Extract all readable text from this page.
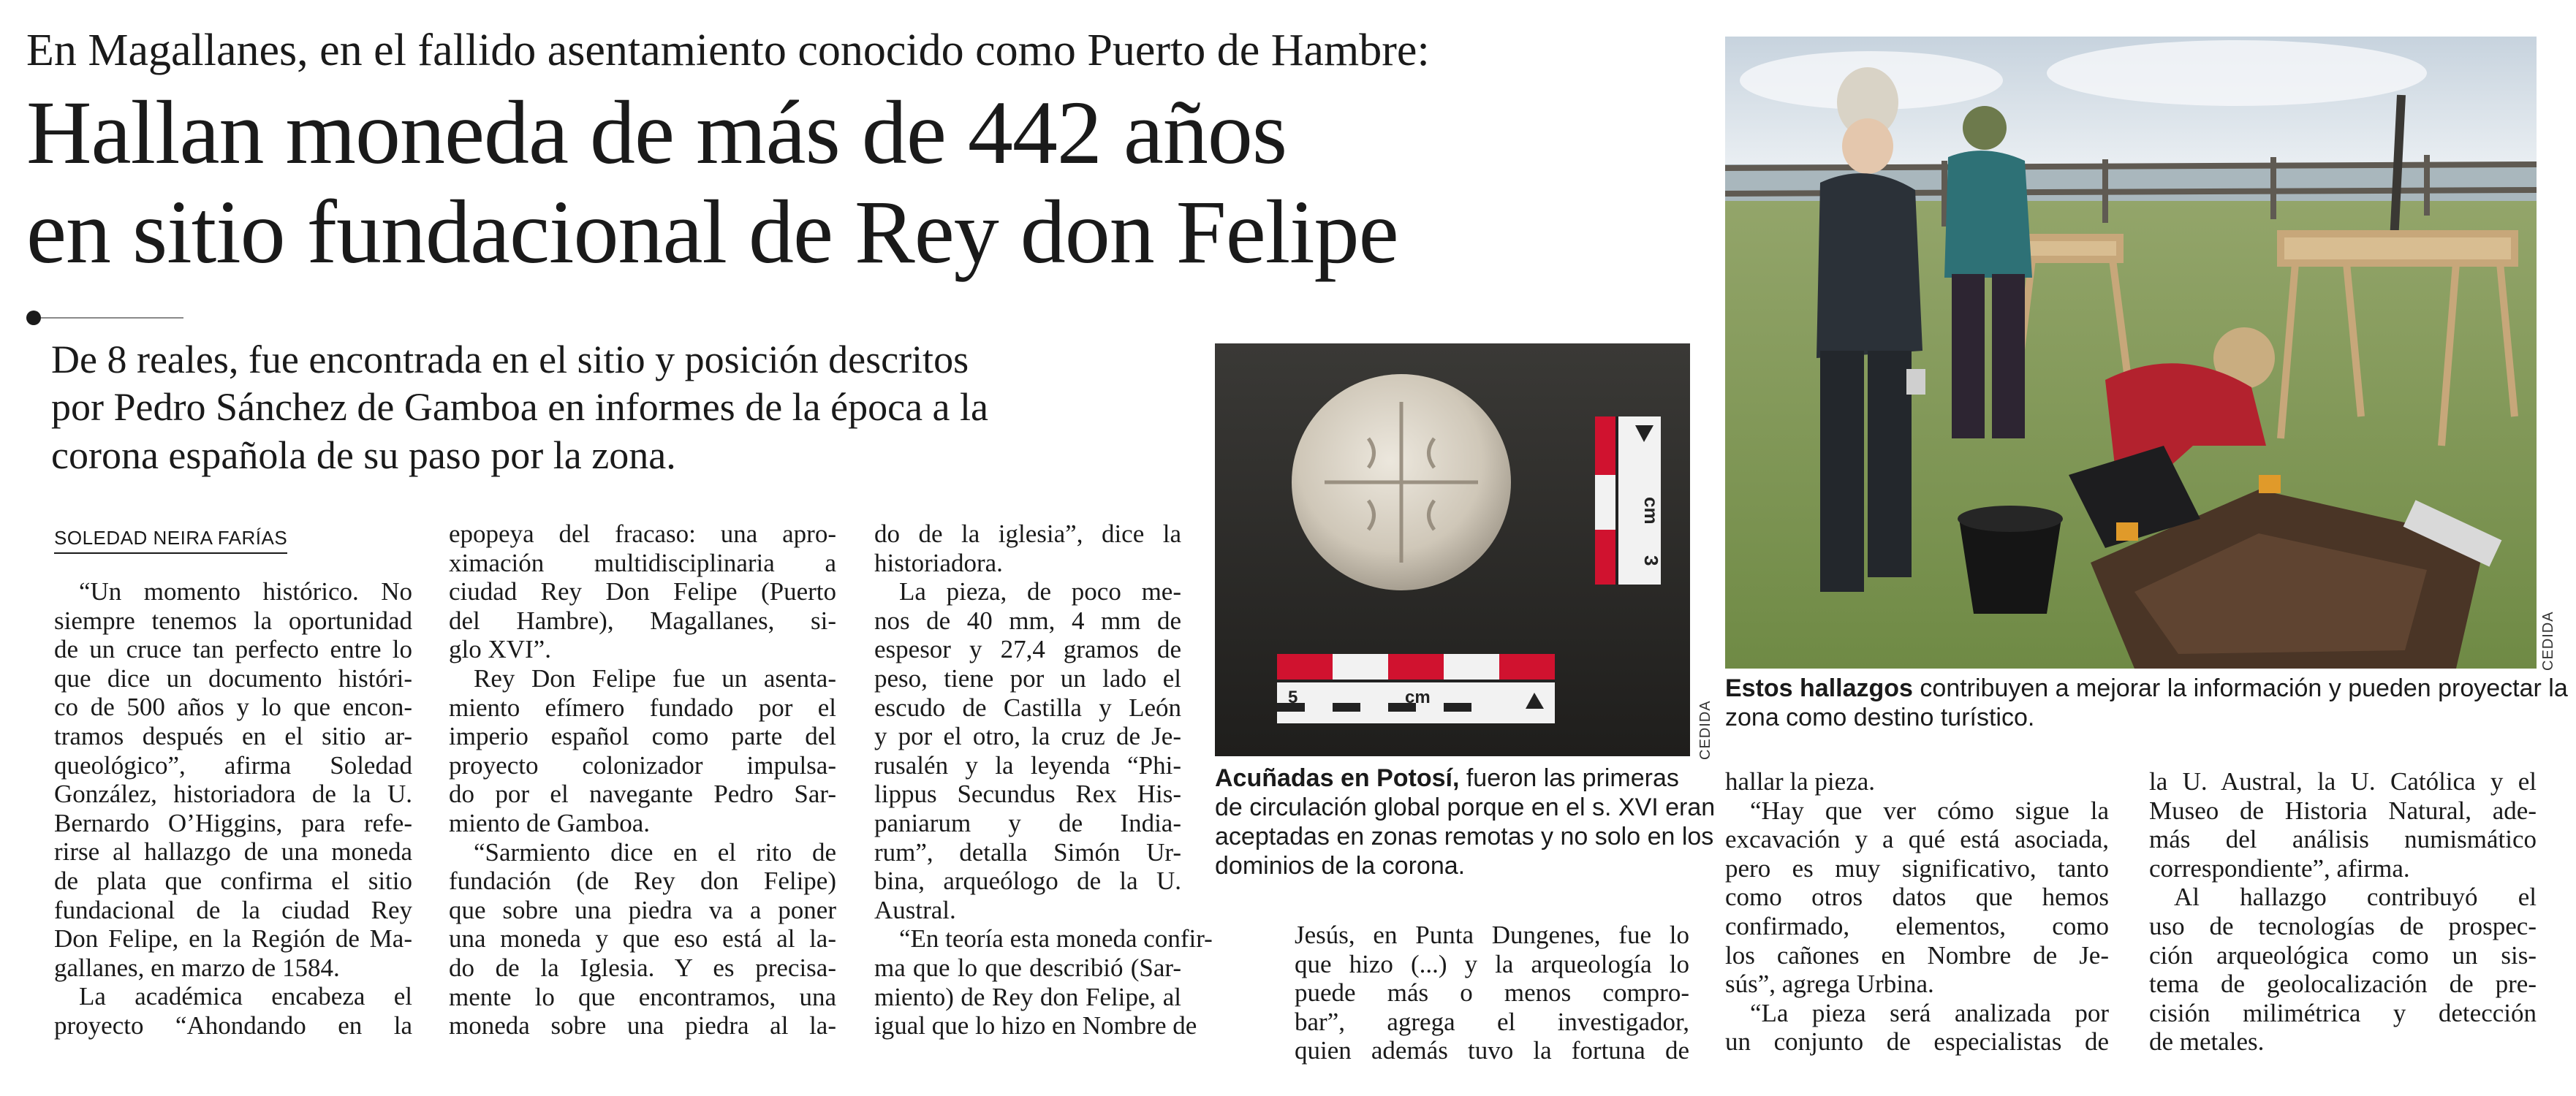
En Magallanes, en el fallido asentamiento conocido como Puerto de Hambre:
Hallan moneda de más de 442 años
en sitio fundacional de Rey don Felipe
De 8 reales, fue encontrada en el sitio y posición descritos
por Pedro Sánchez de Gamboa en informes de la época a la
corona española de su paso por la zona.
SOLEDAD NEIRA FARÍAS
“Un momento histórico. No
siempre tenemos la oportunidad
de un cruce tan perfecto entre lo
que dice un documento históri-
co de 500 años y lo que encon-
tramos después en el sitio ar-
queológico”, afirma Soledad
González, historiadora de la U.
Bernardo O’Higgins, para refe-
rirse al hallazgo de una moneda
de plata que confirma el sitio
fundacional de la ciudad Rey
Don Felipe, en la Región de Ma-
gallanes, en marzo de 1584.
La académica encabeza el
proyecto “Ahondando en la
epopeya del fracaso: una apro-
ximación multidisciplinaria a
ciudad Rey Don Felipe (Puerto
del Hambre), Magallanes, si-
glo XVI”.
Rey Don Felipe fue un asenta-
miento efímero fundado por el
imperio español como parte del
proyecto colonizador impulsa-
do por el navegante Pedro Sar-
miento de Gamboa.
“Sarmiento dice en el rito de
fundación (de Rey don Felipe)
que sobre una piedra va a poner
una moneda y que eso está al la-
do de la Iglesia. Y es precisa-
mente lo que encontramos, una
moneda sobre una piedra al la-
do de la iglesia”, dice la
historiadora.
La pieza, de poco me-
nos de 40 mm, 4 mm de
espesor y 27,4 gramos de
peso, tiene por un lado el
escudo de Castilla y León
y por el otro, la cruz de Je-
rusalén y la leyenda “Phi-
lippus Secundus Rex His-
paniarum y de Indiа-
rum”, detalla Simón Ur-
bina, arqueólogo de la U.
Austral.
“En teoría esta moneda confir-
ma que lo que describió (Sar-
miento) de Rey don Felipe, al
igual que lo hizo en Nombre de
Jesús, en Punta Dungenes, fue lo
que hizo (...) y la arqueología lo
puede más o menos compro-
bar”, agrega el investigador,
quien además tuvo la fortuna de
hallar la pieza.
“Hay que ver cómo sigue la
excavación y a qué está asociada,
pero es muy significativo, tanto
como otros datos que hemos
confirmado, elementos, como
los cañones en Nombre de Je-
sús”, agrega Urbina.
“La pieza será analizada por
un conjunto de especialistas de
la U. Austral, la U. Católica y el
Museo de Historia Natural, ade-
más del análisis numismático
correspondiente”, afirma.
Al hallazgo contribuyó el
uso de tecnologías de prospec-
ción arqueológica como un sis-
tema de geolocalización de pre-
cisión milimétrica y detección
de metales.
cm
3
5	cm
CEDIDA
Acuñadas en Potosí, fueron las primeras
de circulación global porque en el s. XVI eran
aceptadas en zonas remotas y no solo en los
dominios de la corona.
CEDIDA
Estos hallazgos contribuyen a mejorar la información y pueden proyectar la
zona como destino turístico.
